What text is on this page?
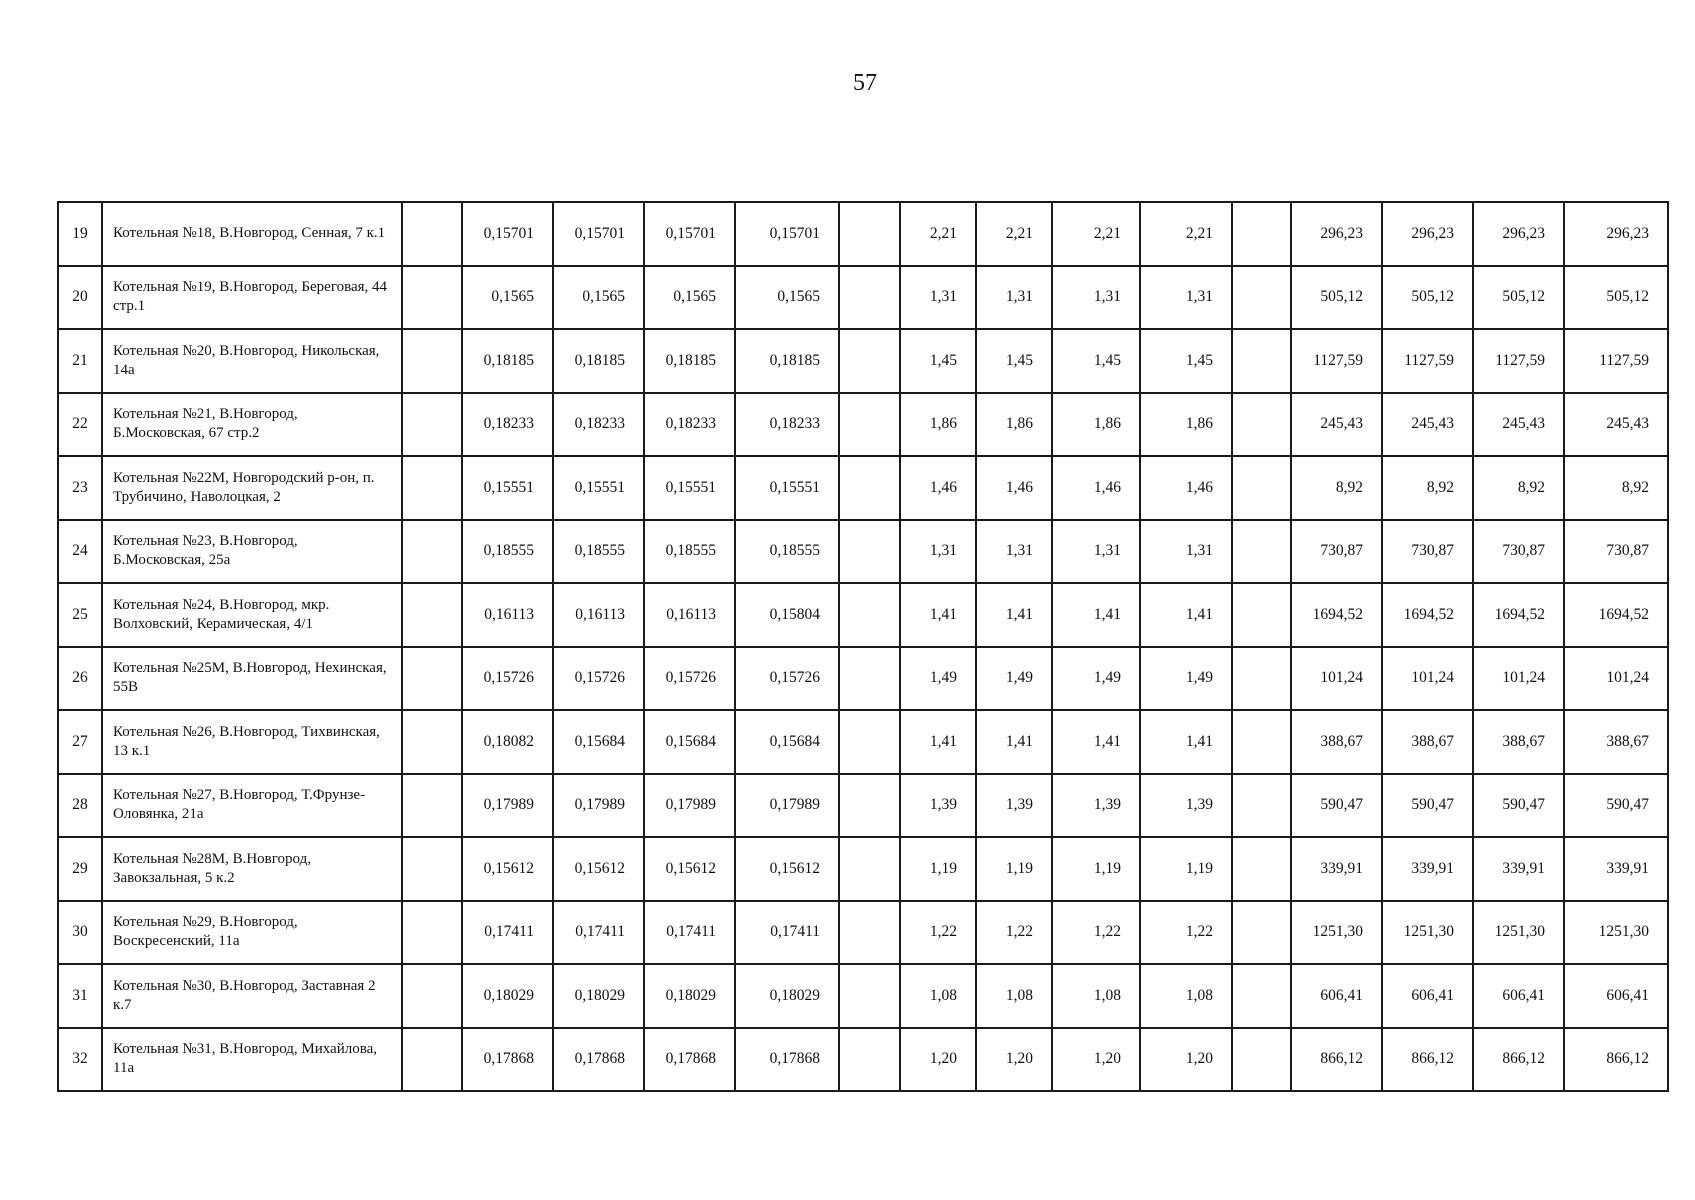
57
19	Котельная №18, В.Новгород, Сенная, 7 к.1		0,15701	0,15701	0,15701	0,15701		2,21	2,21	2,21	2,21		296,23	296,23	296,23	296,23
20	Котельная №19, В.Новгород, Береговая, 44 стр.1		0,1565	0,1565	0,1565	0,1565		1,31	1,31	1,31	1,31		505,12	505,12	505,12	505,12
21	Котельная №20, В.Новгород, Никольская, 14а		0,18185	0,18185	0,18185	0,18185		1,45	1,45	1,45	1,45		1127,59	1127,59	1127,59	1127,59
22	Котельная №21, В.Новгород, Б.Московская, 67 стр.2		0,18233	0,18233	0,18233	0,18233		1,86	1,86	1,86	1,86		245,43	245,43	245,43	245,43
23	Котельная №22М, Новгородский р-он, п. Трубичино, Наволоцкая, 2		0,15551	0,15551	0,15551	0,15551		1,46	1,46	1,46	1,46		8,92	8,92	8,92	8,92
24	Котельная №23, В.Новгород, Б.Московская, 25а		0,18555	0,18555	0,18555	0,18555		1,31	1,31	1,31	1,31		730,87	730,87	730,87	730,87
25	Котельная №24, В.Новгород, мкр. Волховский, Керамическая, 4/1		0,16113	0,16113	0,16113	0,15804		1,41	1,41	1,41	1,41		1694,52	1694,52	1694,52	1694,52
26	Котельная №25М, В.Новгород, Нехинская, 55В		0,15726	0,15726	0,15726	0,15726		1,49	1,49	1,49	1,49		101,24	101,24	101,24	101,24
27	Котельная №26, В.Новгород, Тихвинская, 13 к.1		0,18082	0,15684	0,15684	0,15684		1,41	1,41	1,41	1,41		388,67	388,67	388,67	388,67
28	Котельная №27, В.Новгород, Т.Фрунзе-Оловянка, 21а		0,17989	0,17989	0,17989	0,17989		1,39	1,39	1,39	1,39		590,47	590,47	590,47	590,47
29	Котельная №28М, В.Новгород, Завокзальная, 5 к.2		0,15612	0,15612	0,15612	0,15612		1,19	1,19	1,19	1,19		339,91	339,91	339,91	339,91
30	Котельная №29, В.Новгород, Воскресенский, 11а		0,17411	0,17411	0,17411	0,17411		1,22	1,22	1,22	1,22		1251,30	1251,30	1251,30	1251,30
31	Котельная №30, В.Новгород, Заставная 2 к.7		0,18029	0,18029	0,18029	0,18029		1,08	1,08	1,08	1,08		606,41	606,41	606,41	606,41
32	Котельная №31, В.Новгород, Михайлова, 11а		0,17868	0,17868	0,17868	0,17868		1,20	1,20	1,20	1,20		866,12	866,12	866,12	866,12
